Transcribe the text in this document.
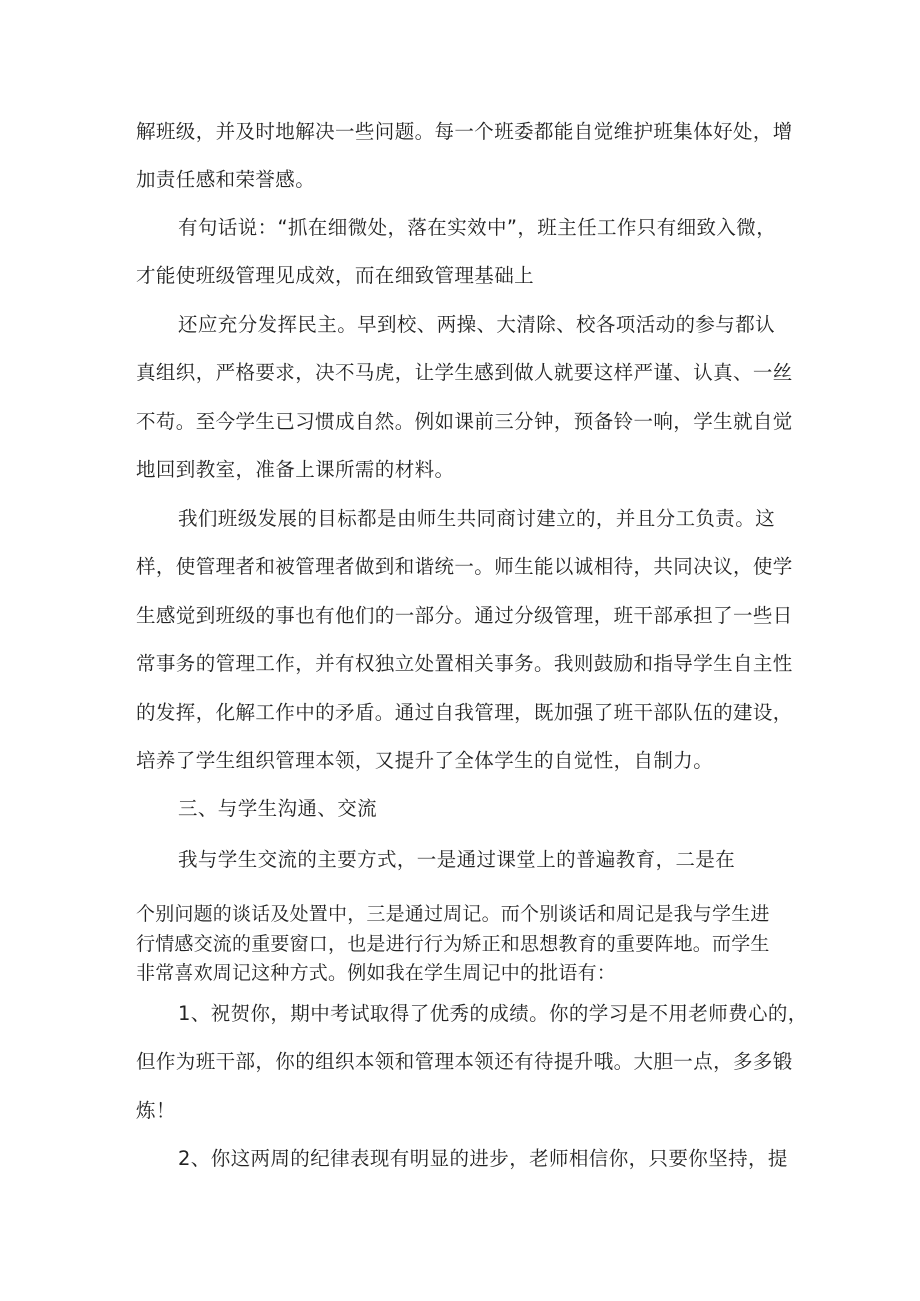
解班级，并及时地解决一些问题。每一个班委都能自觉维护班集体好处，增
加责任感和荣誉感。
有句话说：“抓在细微处，落在实效中”，班主任工作只有细致入微，
才能使班级管理见成效，而在细致管理基础上
还应充分发挥民主。早到校、两操、大清除、校各项活动的参与都认
真组织，严格要求，决不马虎，让学生感到做人就要这样严谨、认真、一丝
不苟。至今学生已习惯成自然。例如课前三分钟，预备铃一响，学生就自觉
地回到教室，准备上课所需的材料。
我们班级发展的目标都是由师生共同商讨建立的，并且分工负责。这
样，使管理者和被管理者做到和谐统一。师生能以诚相待，共同决议，使学
生感觉到班级的事也有他们的一部分。通过分级管理，班干部承担了一些日
常事务的管理工作，并有权独立处置相关事务。我则鼓励和指导学生自主性
的发挥，化解工作中的矛盾。通过自我管理，既加强了班干部队伍的建设，
培养了学生组织管理本领，又提升了全体学生的自觉性，自制力。
三、与学生沟通、交流
我与学生交流的主要方式，一是通过课堂上的普遍教育，二是在
个别问题的谈话及处置中，三是通过周记。而个别谈话和周记是我与学生进
行情感交流的重要窗口，也是进行行为矫正和思想教育的重要阵地。而学生
非常喜欢周记这种方式。例如我在学生周记中的批语有：
1、祝贺你，期中考试取得了优秀的成绩。你的学习是不用老师费心的，
但作为班干部，你的组织本领和管理本领还有待提升哦。大胆一点，多多锻
炼！
2、你这两周的纪律表现有明显的进步，老师相信你，只要你坚持，提
